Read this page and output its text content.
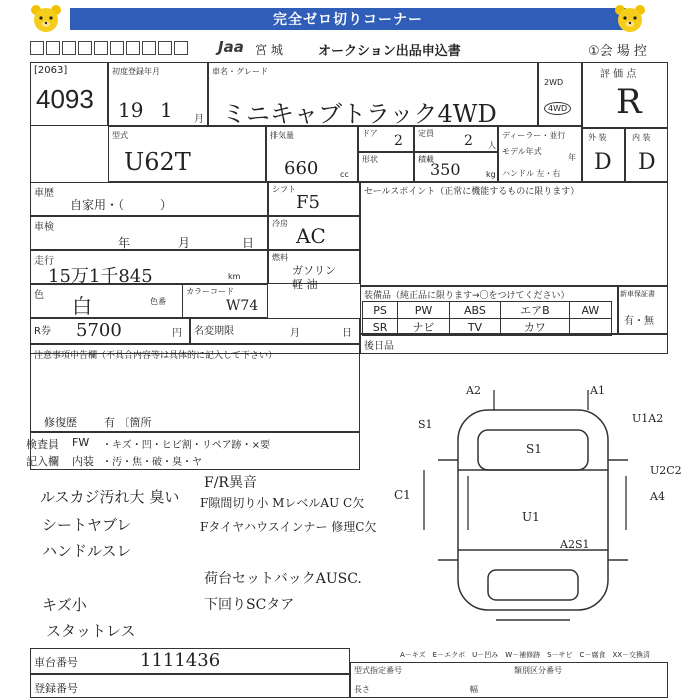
完全ゼロ切りコーナー
Jaa 宮 城	オークション出品申込書	①会 場 控
[2063]
4093
初度登録年月
19 1 月
車名・グレード
ミニキャブトラック4WD
2WD
4WD
評 価 点
R
型式
U62T
排気量
660	cc
ドア 2 定員 2 人
形状	積載
350	kg
ディーラー・並行
モデル年式
年
ハンドル 左・右
外 装	内 装
D D
車歴
自家用・（　　　）
シフト
F5
車検
年	月	日
冷房
AC
走行
15万1千845	km
燃料
ガソリン
軽 油
色 白	色番
カラーコード
W74
R券 5700	円 名変期限	月	日
セールスポイント（正常に機能するものに限ります）
装備品（純正品に限ります→〇をつけてください）
PS	PW	ABS	エアB	AW
SR	ナビ	TV	カワ	
新車保証書
有・無
後日品
注意事項申告欄（不具合内容等は具体的に記入して下さい）
修復歴 有 〔箇所
検査員
記入欄
FW ・キズ・凹・ヒビ割・リペア跡・×要
内装 ・汚・焦・破・臭・ヤ
ルスカジ汚れ大 臭い
シートヤブレ
ハンドルスレ
キズ小
スタットレス
F/R異音
F隙間切り小 MレベルAU C欠
Fタイヤハウスインナー 修理C欠
荷台セットバックAUSC.
下回りSCタア
A2	A1
U1A2
S1
S1
U1
U2C2
A4
C1
A2S1
車台番号	1111436
登録番号
A－キズ　E－エクボ　U－凹み　W－補修跡　S－サビ　C－腐食　XX－交換済
型式指定番号	類別区分番号
長さ	幅
